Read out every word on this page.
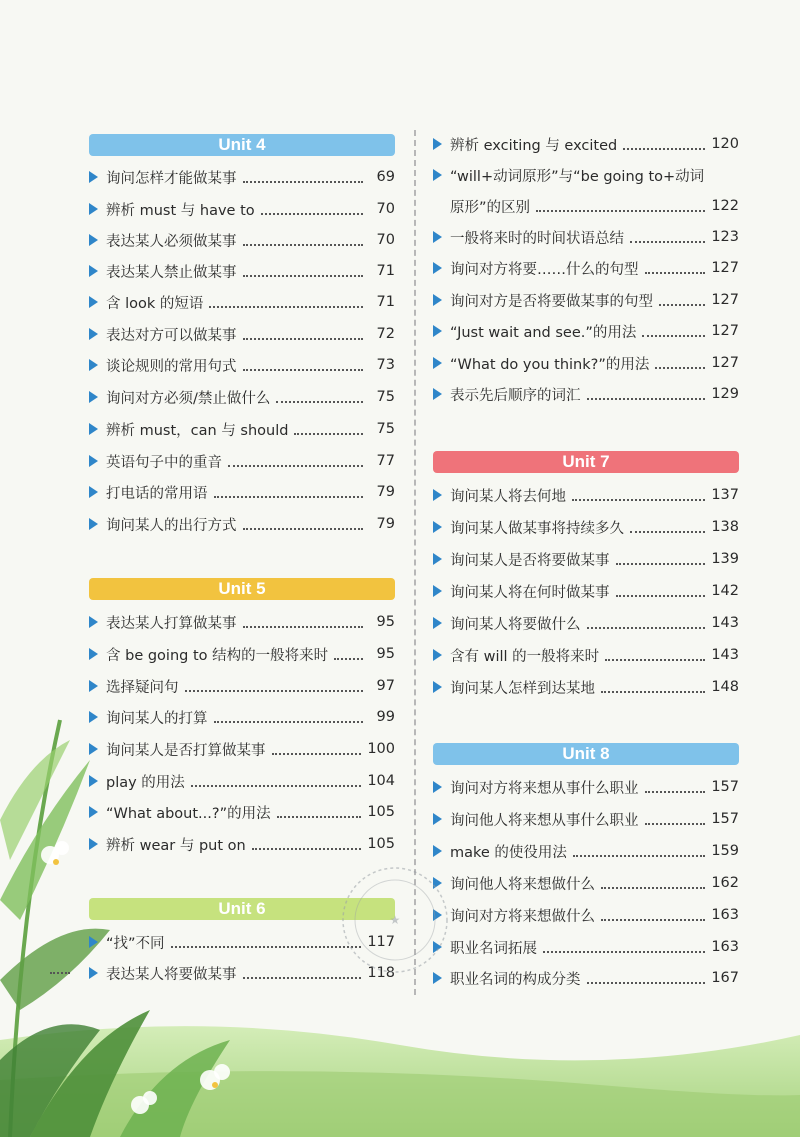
Unit 4
询问怎样才能做某事	69
辨析 must 与 have to	70
表达某人必须做某事	70
表达某人禁止做某事	71
含 look 的短语	71
表达对方可以做某事	72
谈论规则的常用句式	73
询问对方必须/禁止做什么	75
辨析 must，can 与 should	75
英语句子中的重音	77
打电话的常用语	79
询问某人的出行方式	79
Unit 5
表达某人打算做某事	95
含 be going to 结构的一般将来时	95
选择疑问句	97
询问某人的打算	99
询问某人是否打算做某事	100
play 的用法	104
“What about...?”的用法	105
辨析 wear 与 put on	105
Unit 6
“找”不同	117
表达某人将要做某事	118
辨析 exciting 与 excited	120
“will+动词原形”与“be going to+动词
原形”的区别	122
一般将来时的时间状语总结	123
询问对方将要……什么的句型	127
询问对方是否将要做某事的句型	127
“Just wait and see.”的用法	127
“What do you think?”的用法	127
表示先后顺序的词汇	129
Unit 7
询问某人将去何地	137
询问某人做某事将持续多久	138
询问某人是否将要做某事	139
询问某人将在何时做某事	142
询问某人将要做什么	143
含有 will 的一般将来时	143
询问某人怎样到达某地	148
Unit 8
询问对方将来想从事什么职业	157
询问他人将来想从事什么职业	157
make 的使役用法	159
询问他人将来想做什么	162
询问对方将来想做什么	163
职业名词拓展	163
职业名词的构成分类	167
★
